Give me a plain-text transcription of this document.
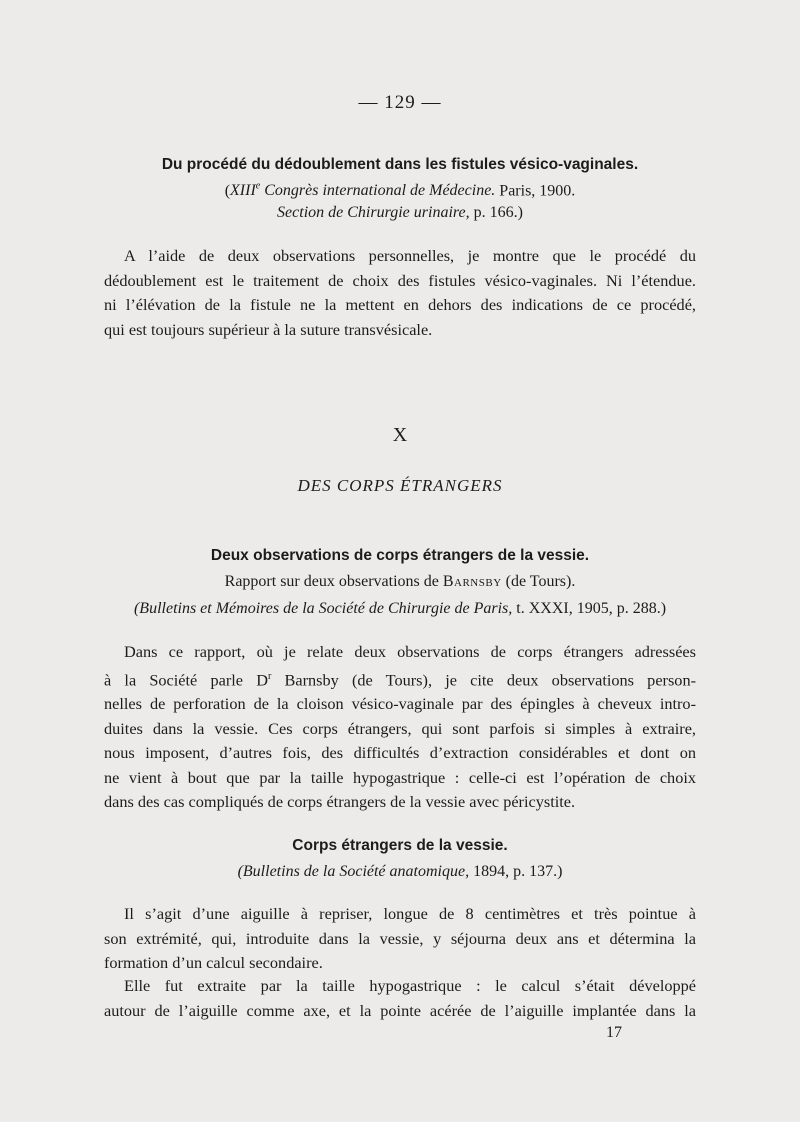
— 129 —
Du procédé du dédoublement dans les fistules vésico-vaginales.
(XIIIe Congrès international de Médecine. Paris, 1900.
Section de Chirurgie urinaire, p. 166.)
A l’aide de deux observations personnelles, je montre que le procédé du
dédoublement est le traitement de choix des fistules vésico-vaginales. Ni l’étendue.
ni l’élévation de la fistule ne la mettent en dehors des indications de ce procédé,
qui est toujours supérieur à la suture transvésicale.
X
DES CORPS ÉTRANGERS
Deux observations de corps étrangers de la vessie.
Rapport sur deux observations de Barnsby (de Tours).
(Bulletins et Mémoires de la Société de Chirurgie de Paris, t. XXXI, 1905, p. 288.)
Dans ce rapport, où je relate deux observations de corps étrangers adressées
à la Société parle $D^r$ Barnsby (de Tours), je cite deux observations person-
nelles de perforation de la cloison vésico-vaginale par des épingles à cheveux intro-
duites dans la vessie. Ces corps étrangers, qui sont parfois si simples à extraire,
nous imposent, d’autres fois, des difficultés d’extraction considérables et dont on
ne vient à bout que par la taille hypogastrique : celle-ci est l’opération de choix
dans des cas compliqués de corps étrangers de la vessie avec péricystite.
Corps étrangers de la vessie.
(Bulletins de la Société anatomique, 1894, p. 137.)
Il s’agit d’une aiguille à repriser, longue de 8 centimètres et très pointue à
son extrémité, qui, introduite dans la vessie, y séjourna deux ans et détermina la
formation d’un calcul secondaire.
Elle fut extraite par la taille hypogastrique : le calcul s’était développé
autour de l’aiguille comme axe, et la pointe acérée de l’aiguille implantée dans la
17
